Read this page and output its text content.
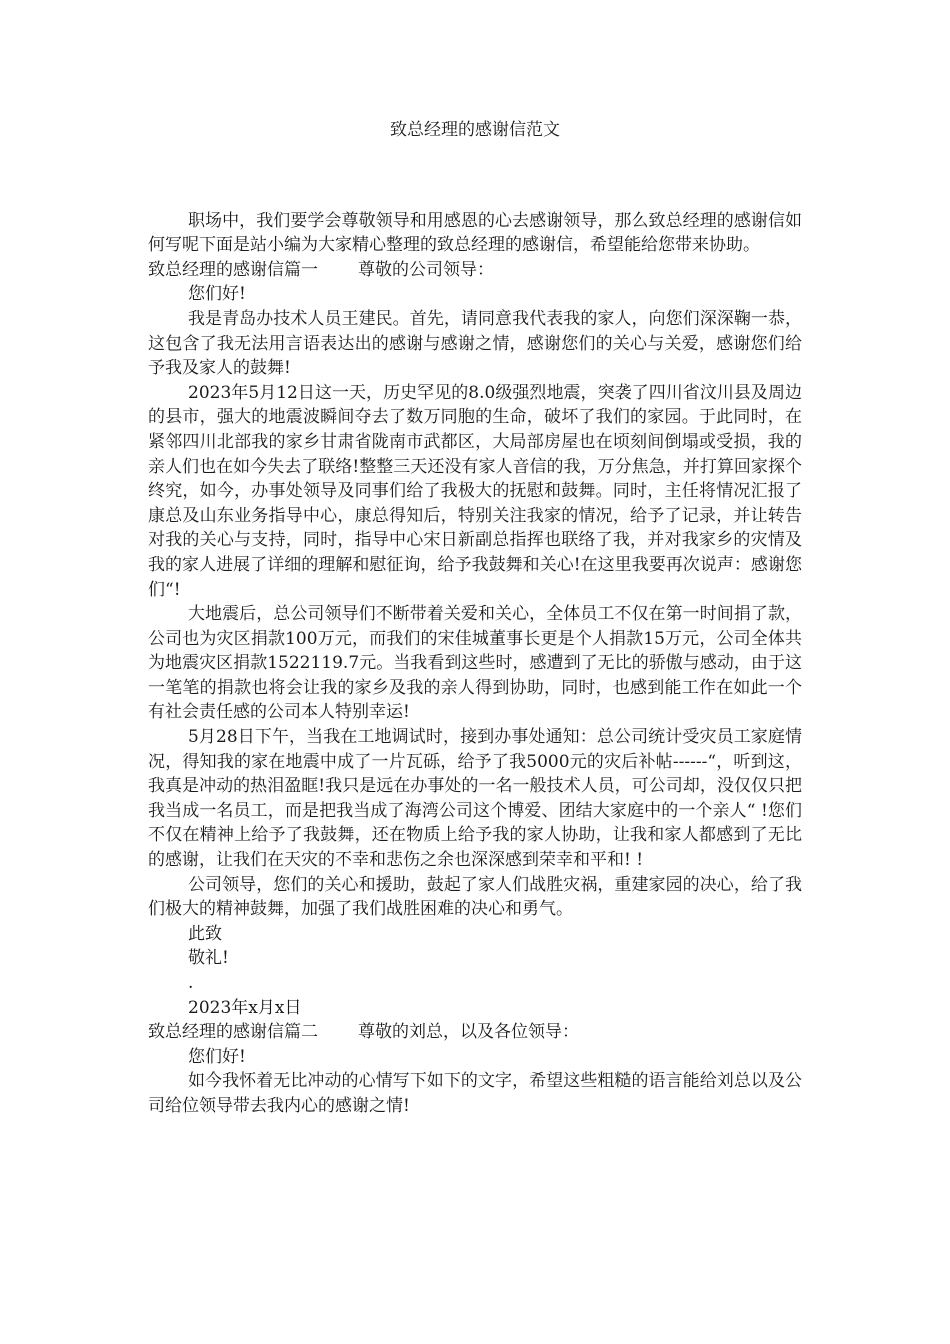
致总经理的感谢信范文

职场中，我们要学会尊敬领导和用感恩的心去感谢领导，那么致总经理的感谢信如何写呢下面是站小编为大家精心整理的致总经理的感谢信，希望能给您带来协助。

致总经理的感谢信篇一 尊敬的公司领导：

您们好!

我是青岛办技术人员王建民。首先，请同意我代表我的家人，向您们深深鞠一恭，这包含了我无法用言语表达出的感谢与感谢之情，感谢您们的关心与关爱，感谢您们给予我及家人的鼓舞!

2023年5月12日这一天，历史罕见的8.0级强烈地震，突袭了四川省汶川县及周边的县市，强大的地震波瞬间夺去了数万同胞的生命，破坏了我们的家园。于此同时，在紧邻四川北部我的家乡甘肃省陇南市武都区，大局部房屋也在顷刻间倒塌或受损，我的亲人们也在如今失去了联络!整整三天还没有家人音信的我，万分焦急，并打算回家探个终究，如今，办事处领导及同事们给了我极大的抚慰和鼓舞。同时，主任将情况汇报了康总及山东业务指导中心，康总得知后，特别关注我家的情况，给予了记录，并让转告对我的关心与支持，同时，指导中心宋日新副总指挥也联络了我，并对我家乡的灾情及我的家人进展了详细的理解和慰征询，给予我鼓舞和关心!在这里我要再次说声：感谢您们“!

大地震后，总公司领导们不断带着关爱和关心，全体员工不仅在第一时间捐了款，公司也为灾区捐款100万元，而我们的宋佳城董事长更是个人捐款15万元，公司全体共为地震灾区捐款1522119.7元。当我看到这些时，感遭到了无比的骄傲与感动，由于这一笔笔的捐款也将会让我的家乡及我的亲人得到协助，同时，也感到能工作在如此一个有社会责任感的公司本人特别幸运!

5月28日下午，当我在工地调试时，接到办事处通知：总公司统计受灾员工家庭情况，得知我的家在地震中成了一片瓦砾，给予了我5000元的灾后补帖------“，听到这，我真是冲动的热泪盈眶!我只是远在办事处的一名一般技术人员，可公司却，没仅仅只把我当成一名员工，而是把我当成了海湾公司这个博爱、团结大家庭中的一个亲人“ !您们不仅在精神上给予了我鼓舞，还在物质上给予我的家人协助，让我和家人都感到了无比的感谢，让我们在天灾的不幸和悲伤之余也深深感到荣幸和平和! !

公司领导，您们的关心和援助，鼓起了家人们战胜灾祸，重建家园的决心，给了我们极大的精神鼓舞，加强了我们战胜困难的决心和勇气。

此致

敬礼!

.

2023年x月x日

致总经理的感谢信篇二 尊敬的刘总，以及各位领导：

您们好!

如今我怀着无比冲动的心情写下如下的文字，希望这些粗糙的语言能给刘总以及公司给位领导带去我内心的感谢之情!
